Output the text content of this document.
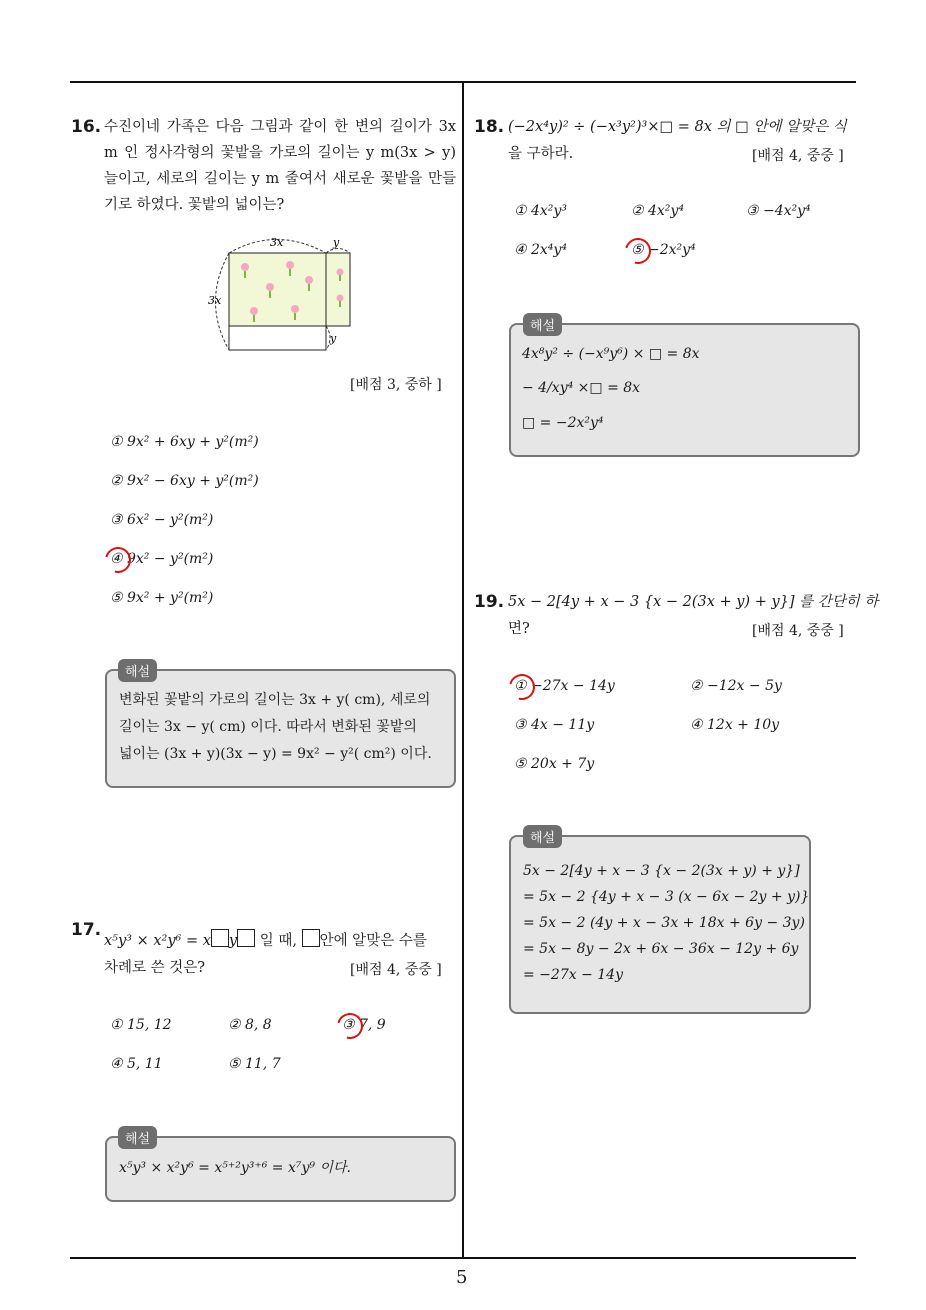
5
16. 수진이네 가족은 다음 그림과 같이 한 변의 길이가 3x m 인 정사각형의 꽃밭을 가로의 길이는 y m(3x > y) 늘이고, 세로의 길이는 y m 줄여서 새로운 꽃밭을 만들기로 하였다. 꽃밭의 넓이는?
3x	y
3x
y
[배점 3, 중하 ]
① 9x² + 6xy + y²(m²)
② 9x² − 6xy + y²(m²)
③ 6x² − y²(m²)
④ 9x² − y²(m²)
⑤ 9x² + y²(m²)
해설
변화된 꽃밭의 가로의 길이는 3x + y( cm), 세로의
길이는 3x − y( cm) 이다. 따라서 변화된 꽃밭의
넓이는 (3x + y)(3x − y) = 9x² − y²( cm²) 이다.
17.
x⁵y³ × x²y⁶ = x y 일 때, 안에 알맞은 수를
차례로 쓴 것은?	[배점 4, 중중 ]
① 15, 12	② 8, 8	③ 7, 9
④ 5, 11	⑤ 11, 7
해설
x⁵y³ × x²y⁶ = x⁵⁺²y³⁺⁶ = x⁷y⁹ 이다.
18. (−2x⁴y)² ÷ (−x³y²)³×□ = 8x 의 □ 안에 알맞은 식
을 구하라.	[배점 4, 중중 ]
① 4x²y³	② 4x²y⁴	③ −4x²y⁴
④ 2x⁴y⁴	⑤ −2x²y⁴
해설
4x⁸y² ÷ (−x⁹y⁶) × □ = 8x
− 4/xy⁴ ×□ = 8x
□ = −2x²y⁴
19. 5x − 2[4y + x − 3 {x − 2(3x + y) + y}] 를 간단히 하
면?	[배점 4, 중중 ]
① −27x − 14y	② −12x − 5y
③ 4x − 11y	④ 12x + 10y
⑤ 20x + 7y
해설
5x − 2[4y + x − 3 {x − 2(3x + y) + y}]
= 5x − 2 {4y + x − 3 (x − 6x − 2y + y)}
= 5x − 2 (4y + x − 3x + 18x + 6y − 3y)
= 5x − 8y − 2x + 6x − 36x − 12y + 6y
= −27x − 14y
